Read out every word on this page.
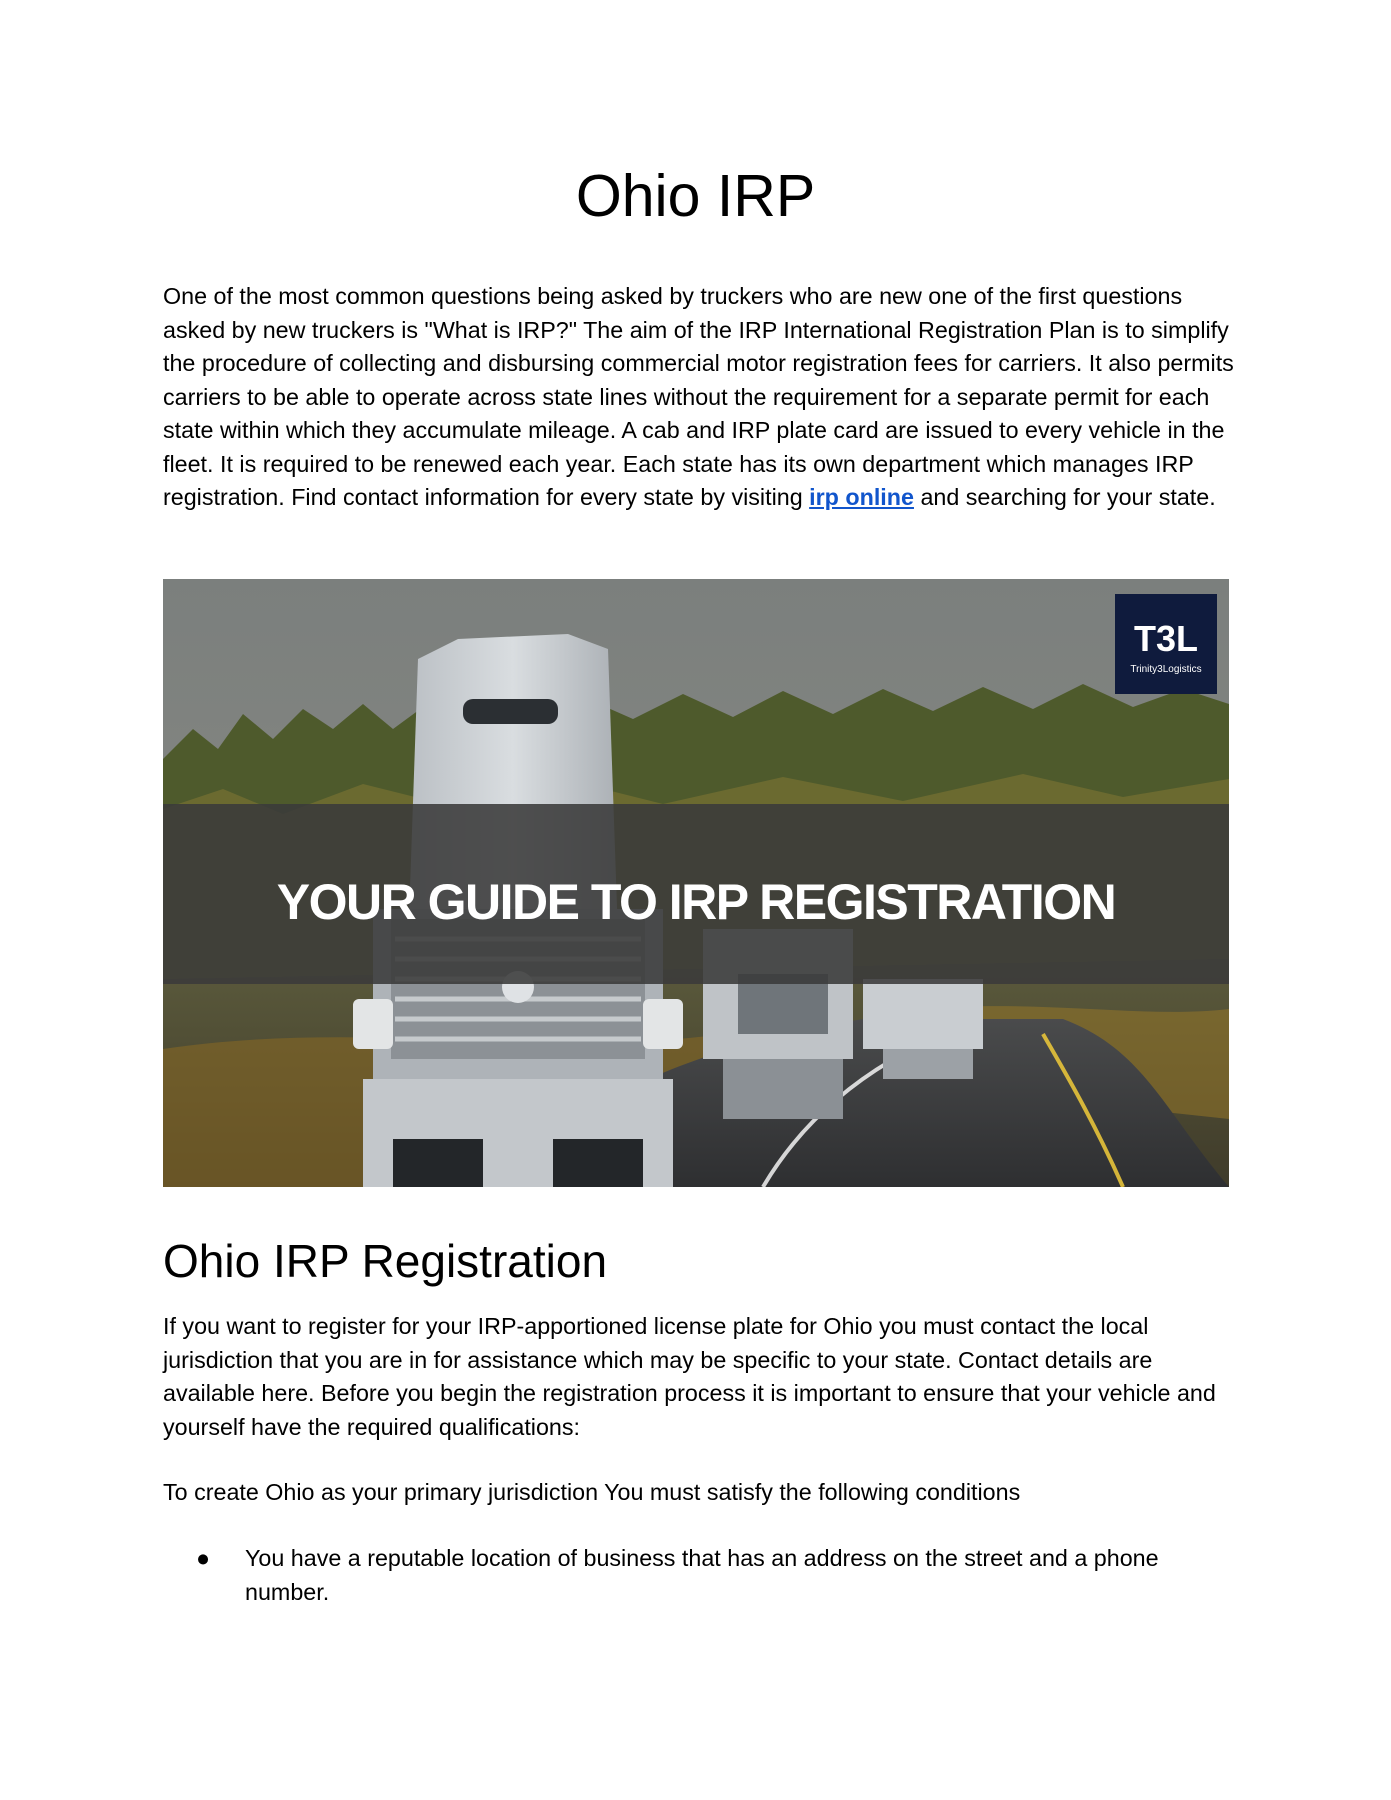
Ohio IRP

One of the most common questions being asked by truckers who are new one of the first questions asked by new truckers is "What is IRP?" The aim of the IRP International Registration Plan is to simplify the procedure of collecting and disbursing commercial motor registration fees for carriers. It also permits carriers to be able to operate across state lines without the requirement for a separate permit for each state within which they accumulate mileage. A cab and IRP plate card are issued to every vehicle in the fleet. It is required to be renewed each year. Each state has its own department which manages IRP registration. Find contact information for every state by visiting irp online and searching for your state.

YOUR GUIDE TO IRP REGISTRATION
T3L
Trinity3Logistics
Ohio IRP Registration

If you want to register for your IRP-apportioned license plate for Ohio you must contact the local jurisdiction that you are in for assistance which may be specific to your state. Contact details are available here. Before you begin the registration process it is important to ensure that your vehicle and yourself have the required qualifications:

To create Ohio as your primary jurisdiction You must satisfy the following conditions

● You have a reputable location of business that has an address on the street and a phone number.
